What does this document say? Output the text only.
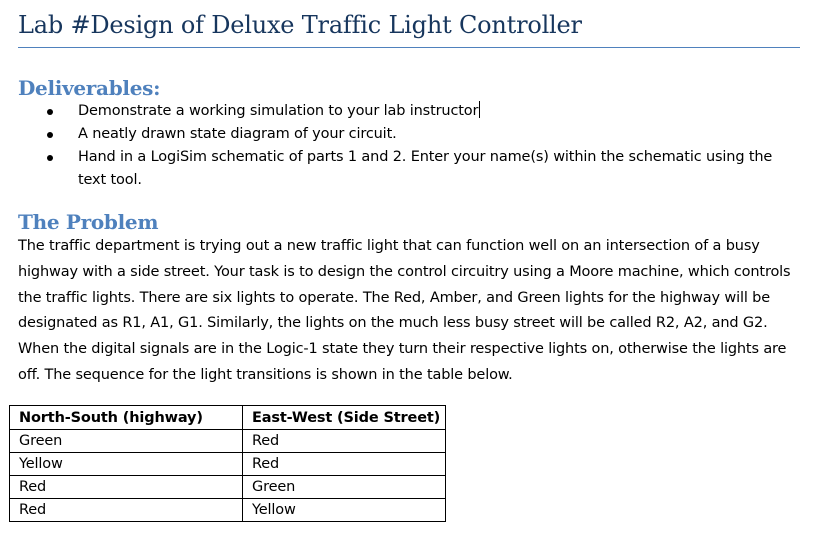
Lab #Design of Deluxe Traffic Light Controller
Deliverables:
Demonstrate a working simulation to your lab instructor
A neatly drawn state diagram of your circuit.
Hand in a LogiSim schematic of parts 1 and 2. Enter your name(s) within the schematic using the text tool.
The Problem

The traffic department is trying out a new traffic light that can function well on an intersection of a busy highway with a side street. Your task is to design the control circuitry using a Moore machine, which controls the traffic lights. There are six lights to operate. The Red, Amber, and Green lights for the highway will be designated as R1, A1, G1. Similarly, the lights on the much less busy street will be called R2, A2, and G2. When the digital signals are in the Logic-1 state they turn their respective lights on, otherwise the lights are off. The sequence for the light transitions is shown in the table below.

North-South (highway)	East-West (Side Street)
Green	Red
Yellow	Red
Red	Green
Red	Yellow
